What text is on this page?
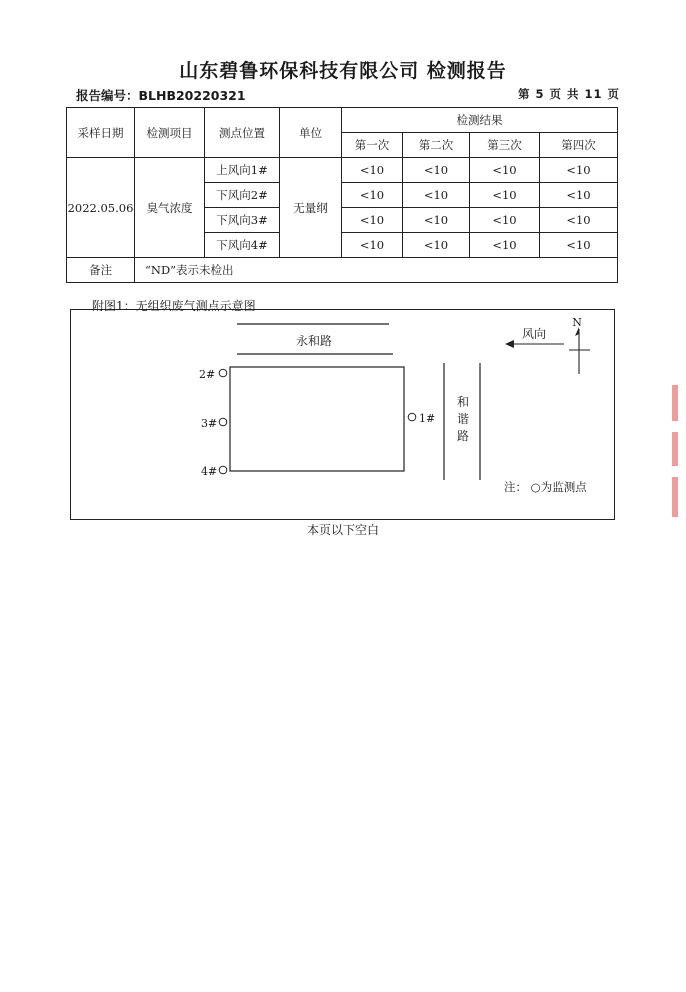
山东碧鲁环保科技有限公司 检测报告
报告编号：BLHB20220321	第 5 页 共 11 页
采样日期	检测项目	测点位置	单位	检测结果			
				第一次	第二次	第三次	第四次
2022.05.06	臭气浓度	上风向1#	无量纲	<10	<10	<10	<10
		下风向2#		<10	<10	<10	<10
		下风向3#		<10	<10	<10	<10
		下风向4#		<10	<10	<10	<10
备注	“ND”表示未检出						
附图1：无组织废气测点示意图
永和路
2#
3#
4#
1#
和
谐
路
风向
N
注： ○为监测点
本页以下空白
